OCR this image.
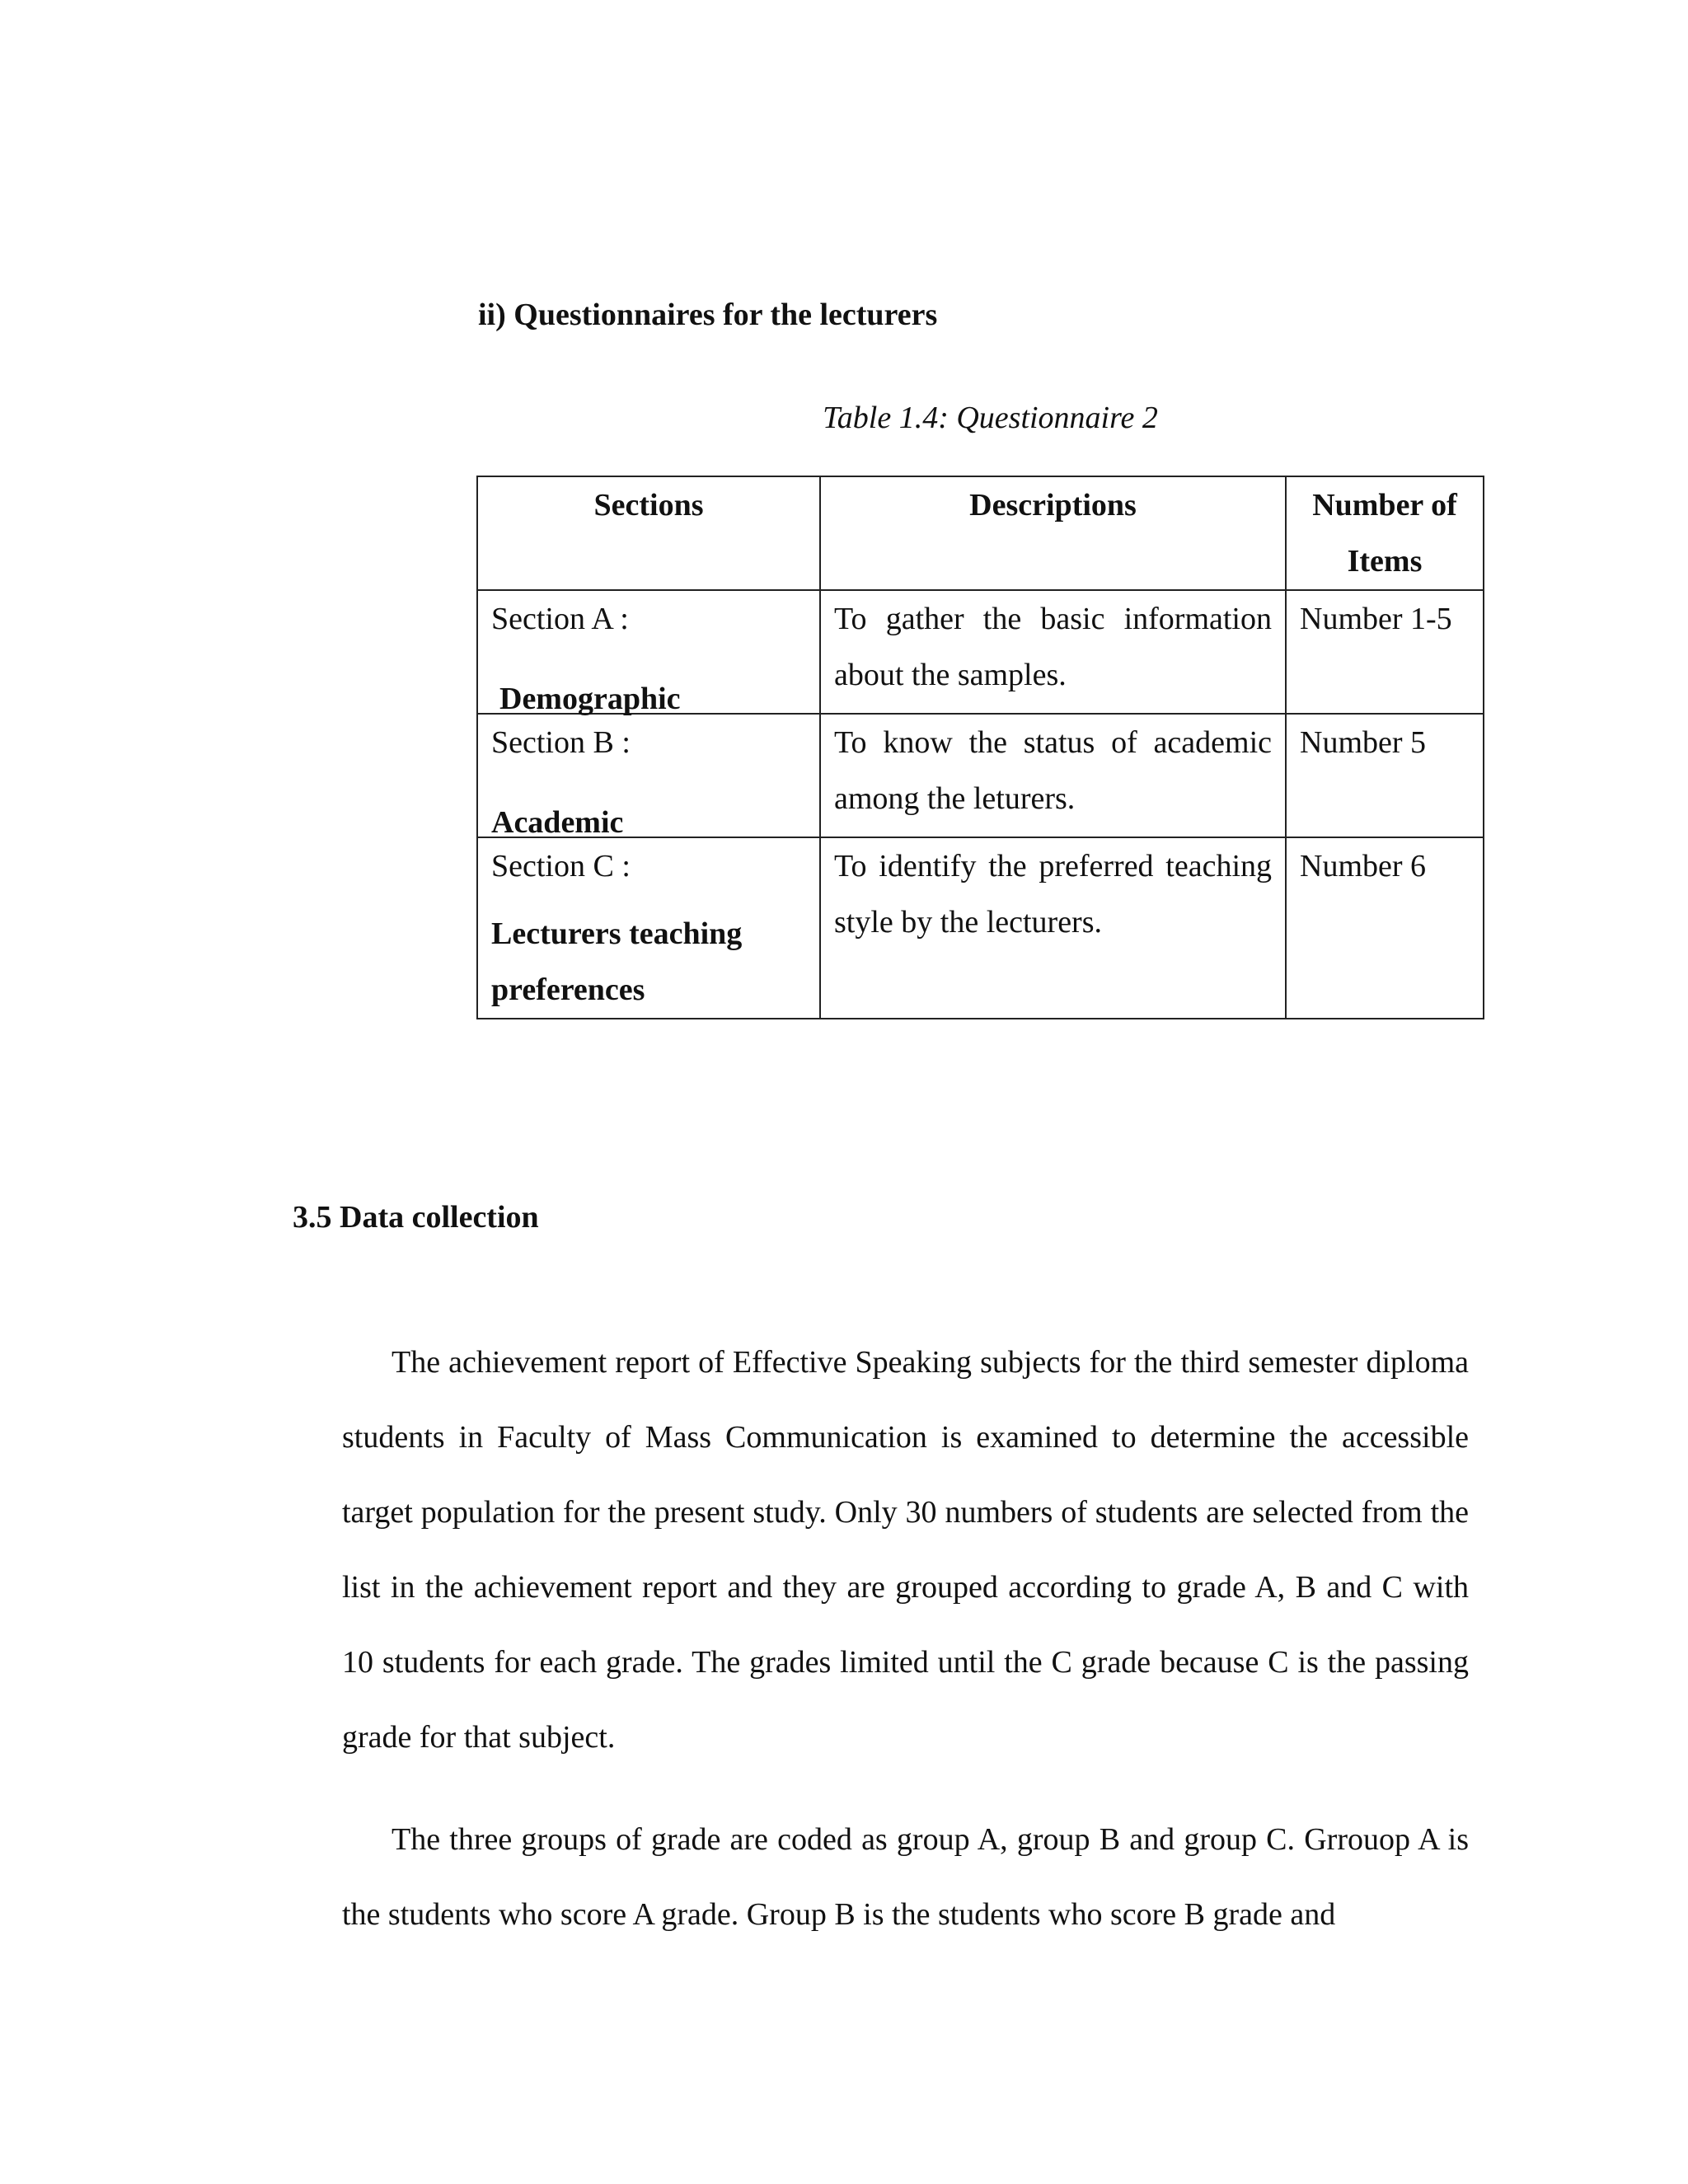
ii) Questionnaires for the lecturers

Table 1.4: Questionnaire 2

Sections	Descriptions	Number of Items

Section A :
Demographic	To gather the basic information about the samples.	Number 1-5

Section B :
Academic	To know the status of academic among the leturers.	Number 5

Section C :
Lecturers teaching preferences	To identify the preferred teaching style by the lecturers.	Number 6
3.5 Data collection

The achievement report of Effective Speaking subjects for the third semester diploma students in Faculty of Mass Communication is examined to determine the accessible target population for the present study. Only 30 numbers of students are selected from the list in the achievement report and they are grouped according to grade A, B and C with 10 students for each grade. The grades limited until the C grade because C is the passing grade for that subject.

The three groups of grade are coded as group A, group B and group C. Grrouop A is the students who score A grade. Group B is the students who score B grade and
